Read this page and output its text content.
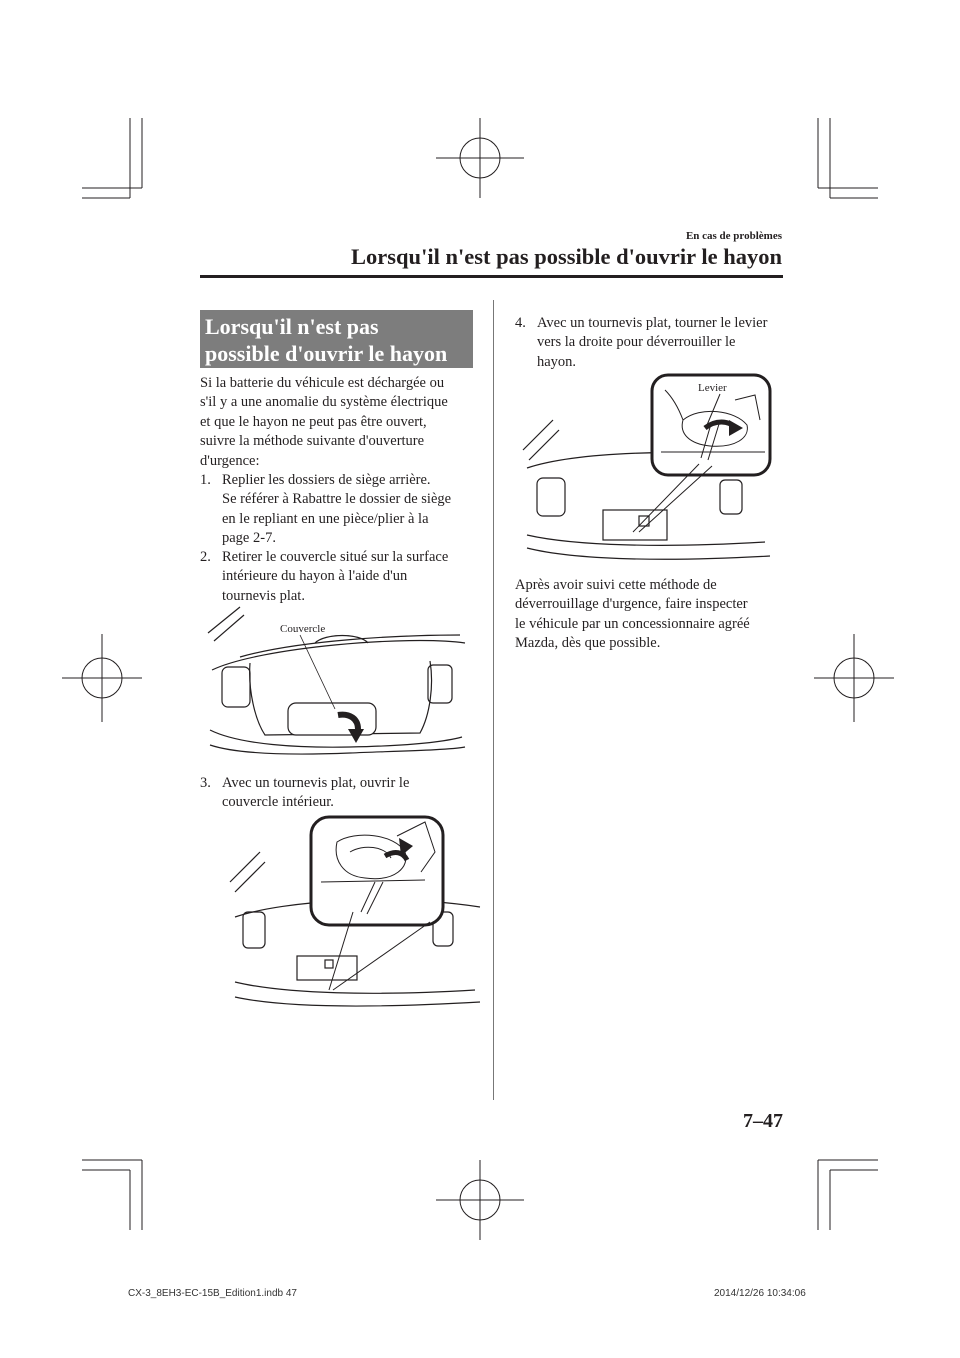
En cas de problèmes
Lorsqu'il n'est pas possible d'ouvrir le hayon
Lorsqu'il n'est pas
possible d'ouvrir le hayon
Si la batterie du véhicule est déchargée ou
s'il y a une anomalie du système électrique
et que le hayon ne peut pas être ouvert,
suivre la méthode suivante d'ouverture
d'urgence:
1. Replier les dossiers de siège arrière.
Se référer à Rabattre le dossier de siège
en le repliant en une pièce/plier à la
page 2-7.
2. Retirer le couvercle situé sur la surface
intérieure du hayon à l'aide d'un
tournevis plat.
Couvercle
3. Avec un tournevis plat, ouvrir le
couvercle intérieur.
4. Avec un tournevis plat, tourner le levier
vers la droite pour déverrouiller le
hayon.
Levier
Après avoir suivi cette méthode de
déverrouillage d'urgence, faire inspecter
le véhicule par un concessionnaire agréé
Mazda, dès que possible.
7–47
CX-3_8EH3-EC-15B_Edition1.indb 47	2014/12/26 10:34:06
